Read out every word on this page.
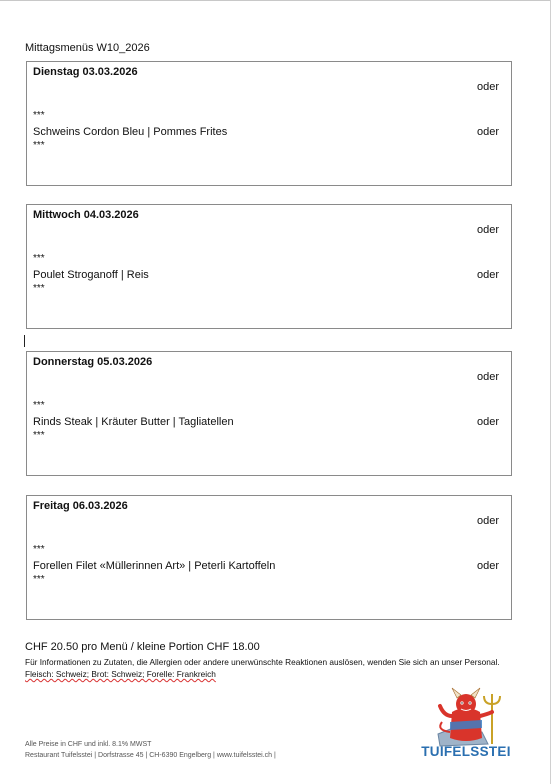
Mittagsmenüs W10_2026
Dienstag 03.03.2026
oder
***
Schweins Cordon Bleu | Pommes Frites	oder
***
Mittwoch 04.03.2026
oder
***
Poulet Stroganoff | Reis	oder
***
Donnerstag 05.03.2026
oder
***
Rinds Steak | Kräuter Butter | Tagliatellen	oder
***
Freitag 06.03.2026
oder
***
Forellen Filet «Müllerinnen Art» | Peterli Kartoffeln	oder
***
CHF 20.50 pro Menü / kleine Portion CHF 18.00
Für Informationen zu Zutaten, die Allergien oder andere unerwünschte Reaktionen auslösen, wenden Sie sich an unser Personal. Fleisch: Schweiz; Brot: Schweiz; Forelle: Frankreich
Alle Preise in CHF und inkl. 8.1% MWST
Restaurant Tuifelsstei | Dorfstrasse 45 | CH-6390 Engelberg | www.tuifelsstei.ch |	TUIFELSSTEI
